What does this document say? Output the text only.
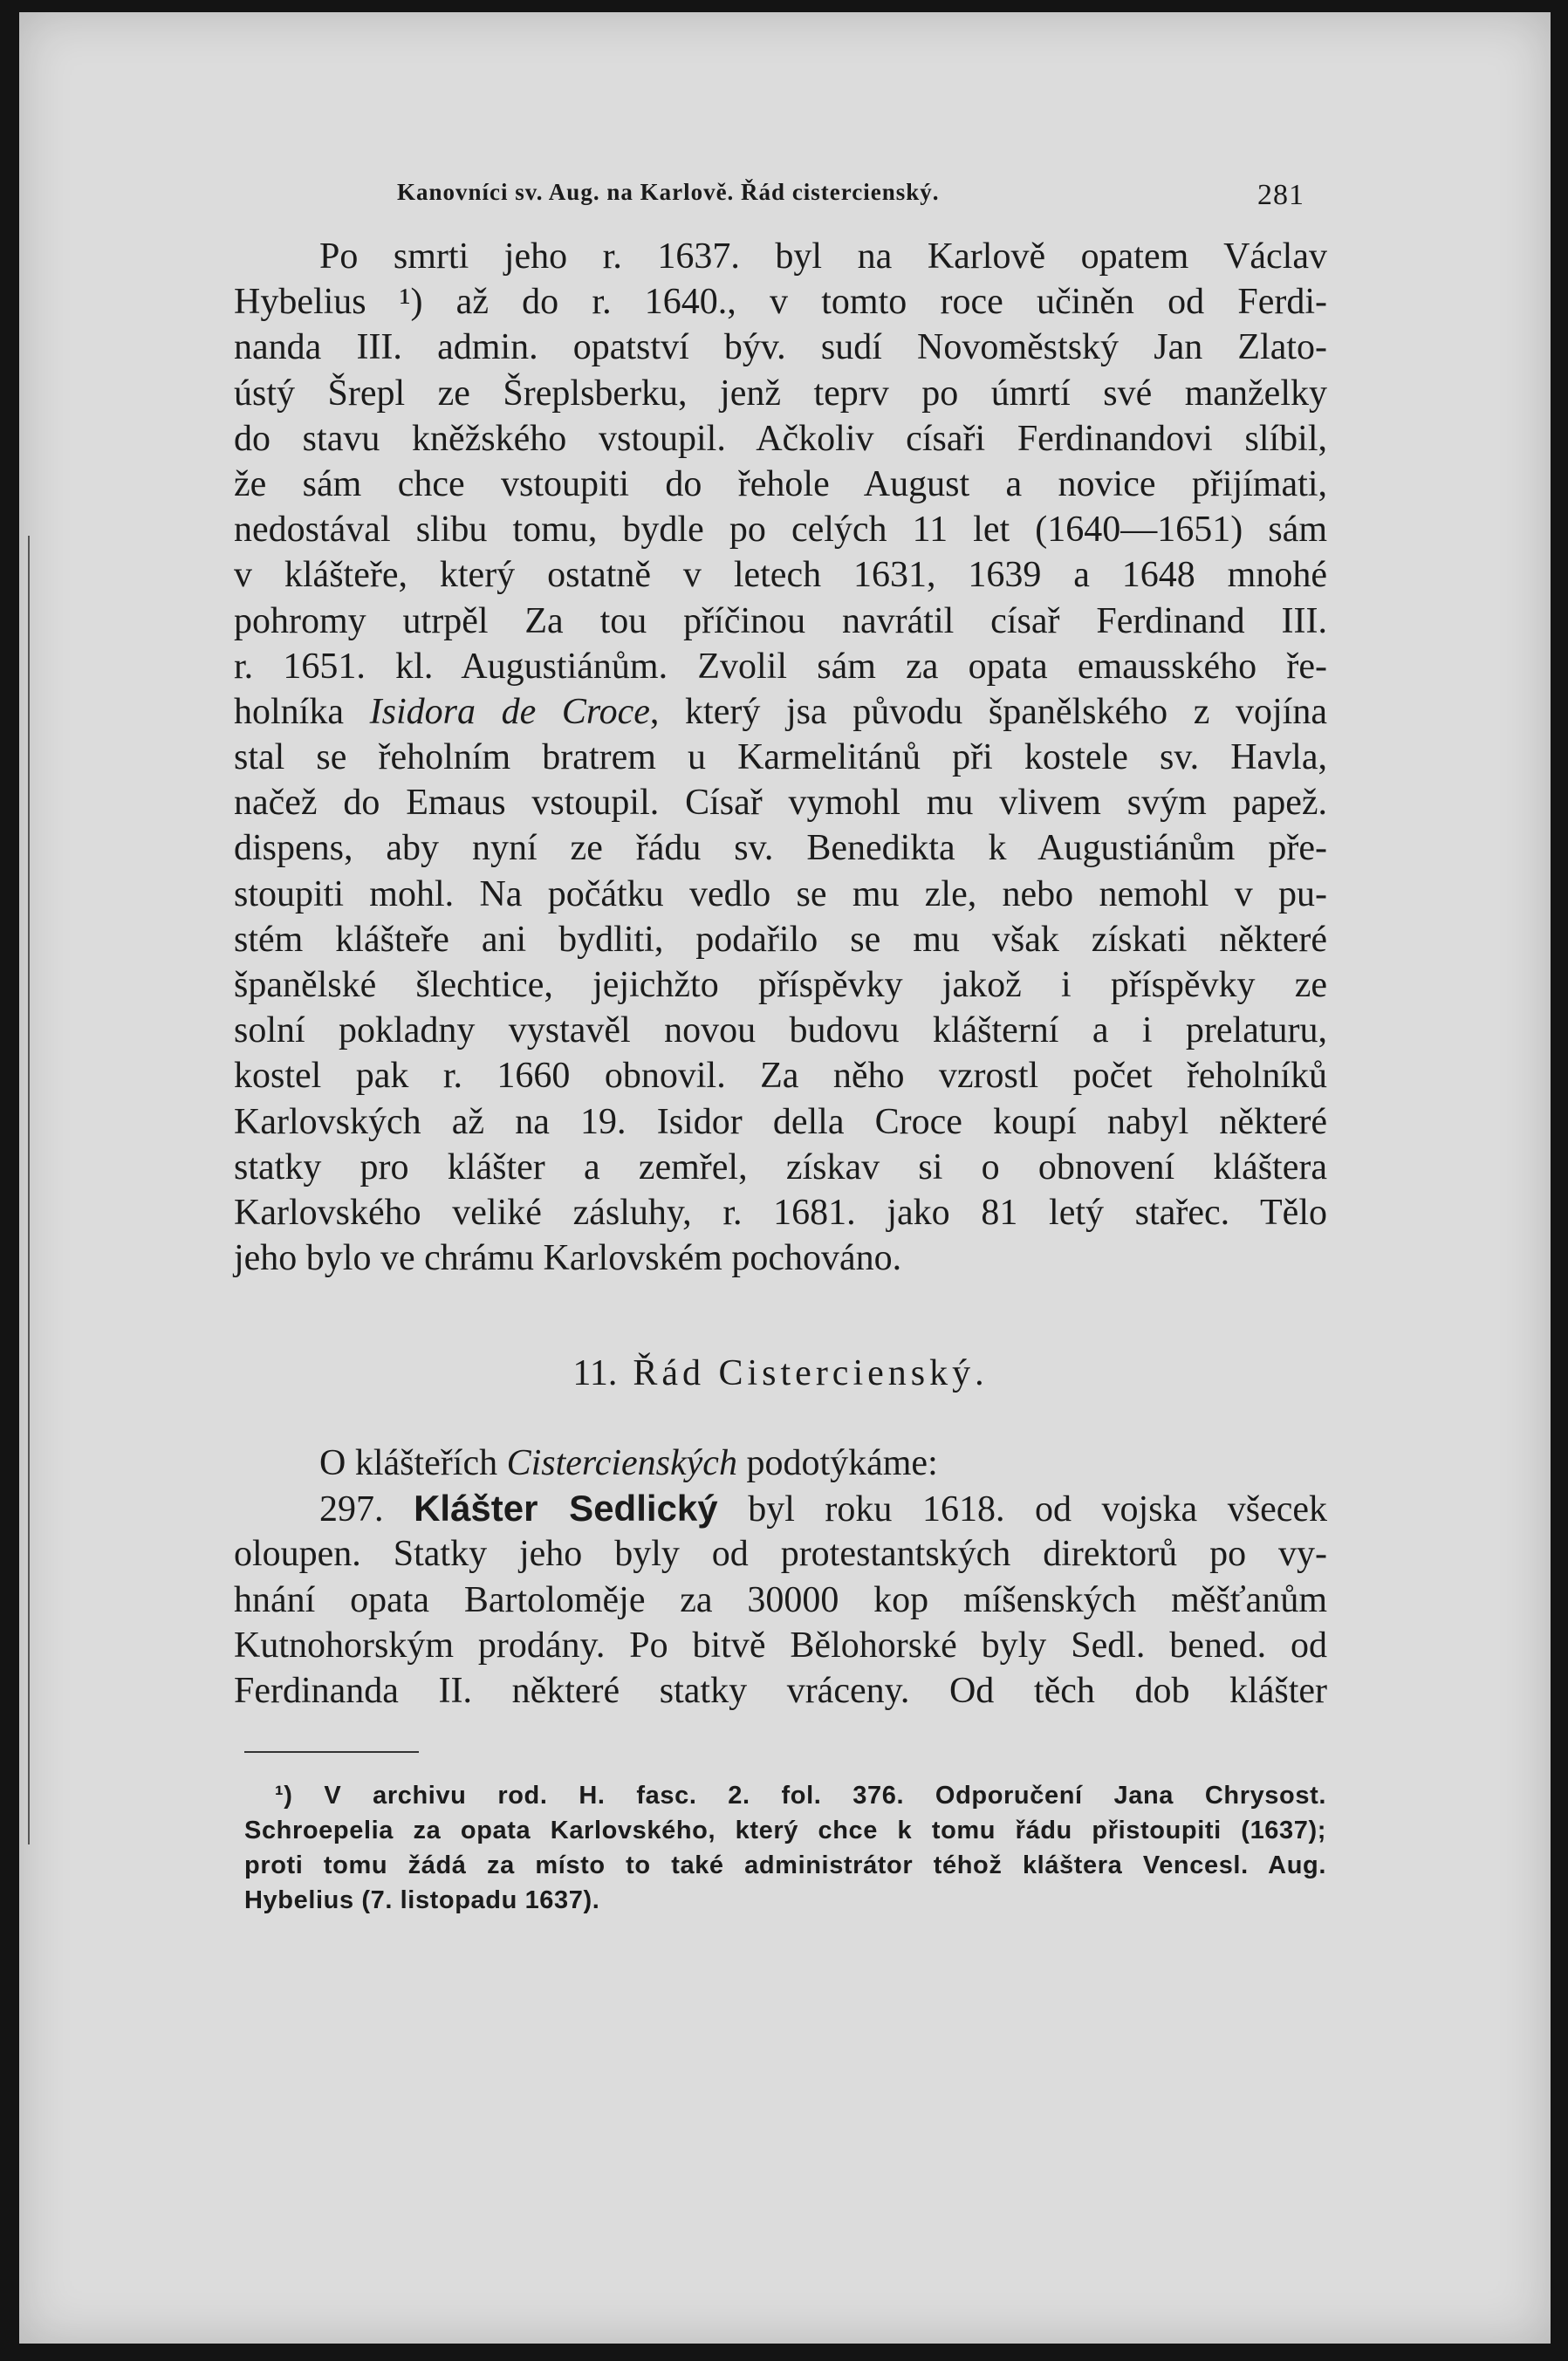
Kanovníci sv. Aug. na Karlově. Řád cistercienský.	281
Po smrti jeho r. 1637. byl na Karlově opatem Václav
Hybelius ¹) až do r. 1640., v tomto roce učiněn od Ferdi-
nanda III. admin. opatství býv. sudí Novoměstský Jan Zlato-
ústý Šrepl ze Šreplsberku, jenž teprv po úmrtí své manželky
do stavu kněžského vstoupil. Ačkoliv císaři Ferdinandovi slíbil,
že sám chce vstoupiti do řehole August a novice přijímati,
nedostával slibu tomu, bydle po celých 11 let (1640—1651) sám
v klášteře, který ostatně v letech 1631, 1639 a 1648 mnohé
pohromy utrpěl Za tou příčinou navrátil císař Ferdinand III.
r. 1651. kl. Augustiánům. Zvolil sám za opata emausského ře-
holníka Isidora de Croce, který jsa původu španělského z vojína
stal se řeholním bratrem u Karmelitánů při kostele sv. Havla,
načež do Emaus vstoupil. Císař vymohl mu vlivem svým papež.
dispens, aby nyní ze řádu sv. Benedikta k Augustiánům pře-
stoupiti mohl. Na počátku vedlo se mu zle, nebo nemohl v pu-
stém klášteře ani bydliti, podařilo se mu však získati některé
španělské šlechtice, jejichžto příspěvky jakož i příspěvky ze
solní pokladny vystavěl novou budovu klášterní a i prelaturu,
kostel pak r. 1660 obnovil. Za něho vzrostl počet řeholníků
Karlovských až na 19. Isidor della Croce koupí nabyl některé
statky pro klášter a zemřel, získav si o obnovení kláštera
Karlovského veliké zásluhy, r. 1681. jako 81 letý stařec. Tělo
jeho bylo ve chrámu Karlovském pochováno.
11. Řád Cistercienský.
O klášteřích Cistercienských podotýkáme:
297. Klášter Sedlický byl roku 1618. od vojska všecek
oloupen. Statky jeho byly od protestantských direktorů po vy-
hnání opata Bartoloměje za 30000 kop míšenských měšťanům
Kutnohorským prodány. Po bitvě Bělohorské byly Sedl. bened. od
Ferdinanda II. některé statky vráceny. Od těch dob klášter
¹) V archivu rod. H. fasc. 2. fol. 376. Odporučení Jana Chrysost.
Schroepelia za opata Karlovského, který chce k tomu řádu přistoupiti (1637);
proti tomu žádá za místo to také administrátor téhož kláštera Vencesl. Aug.
Hybelius (7. listopadu 1637).
